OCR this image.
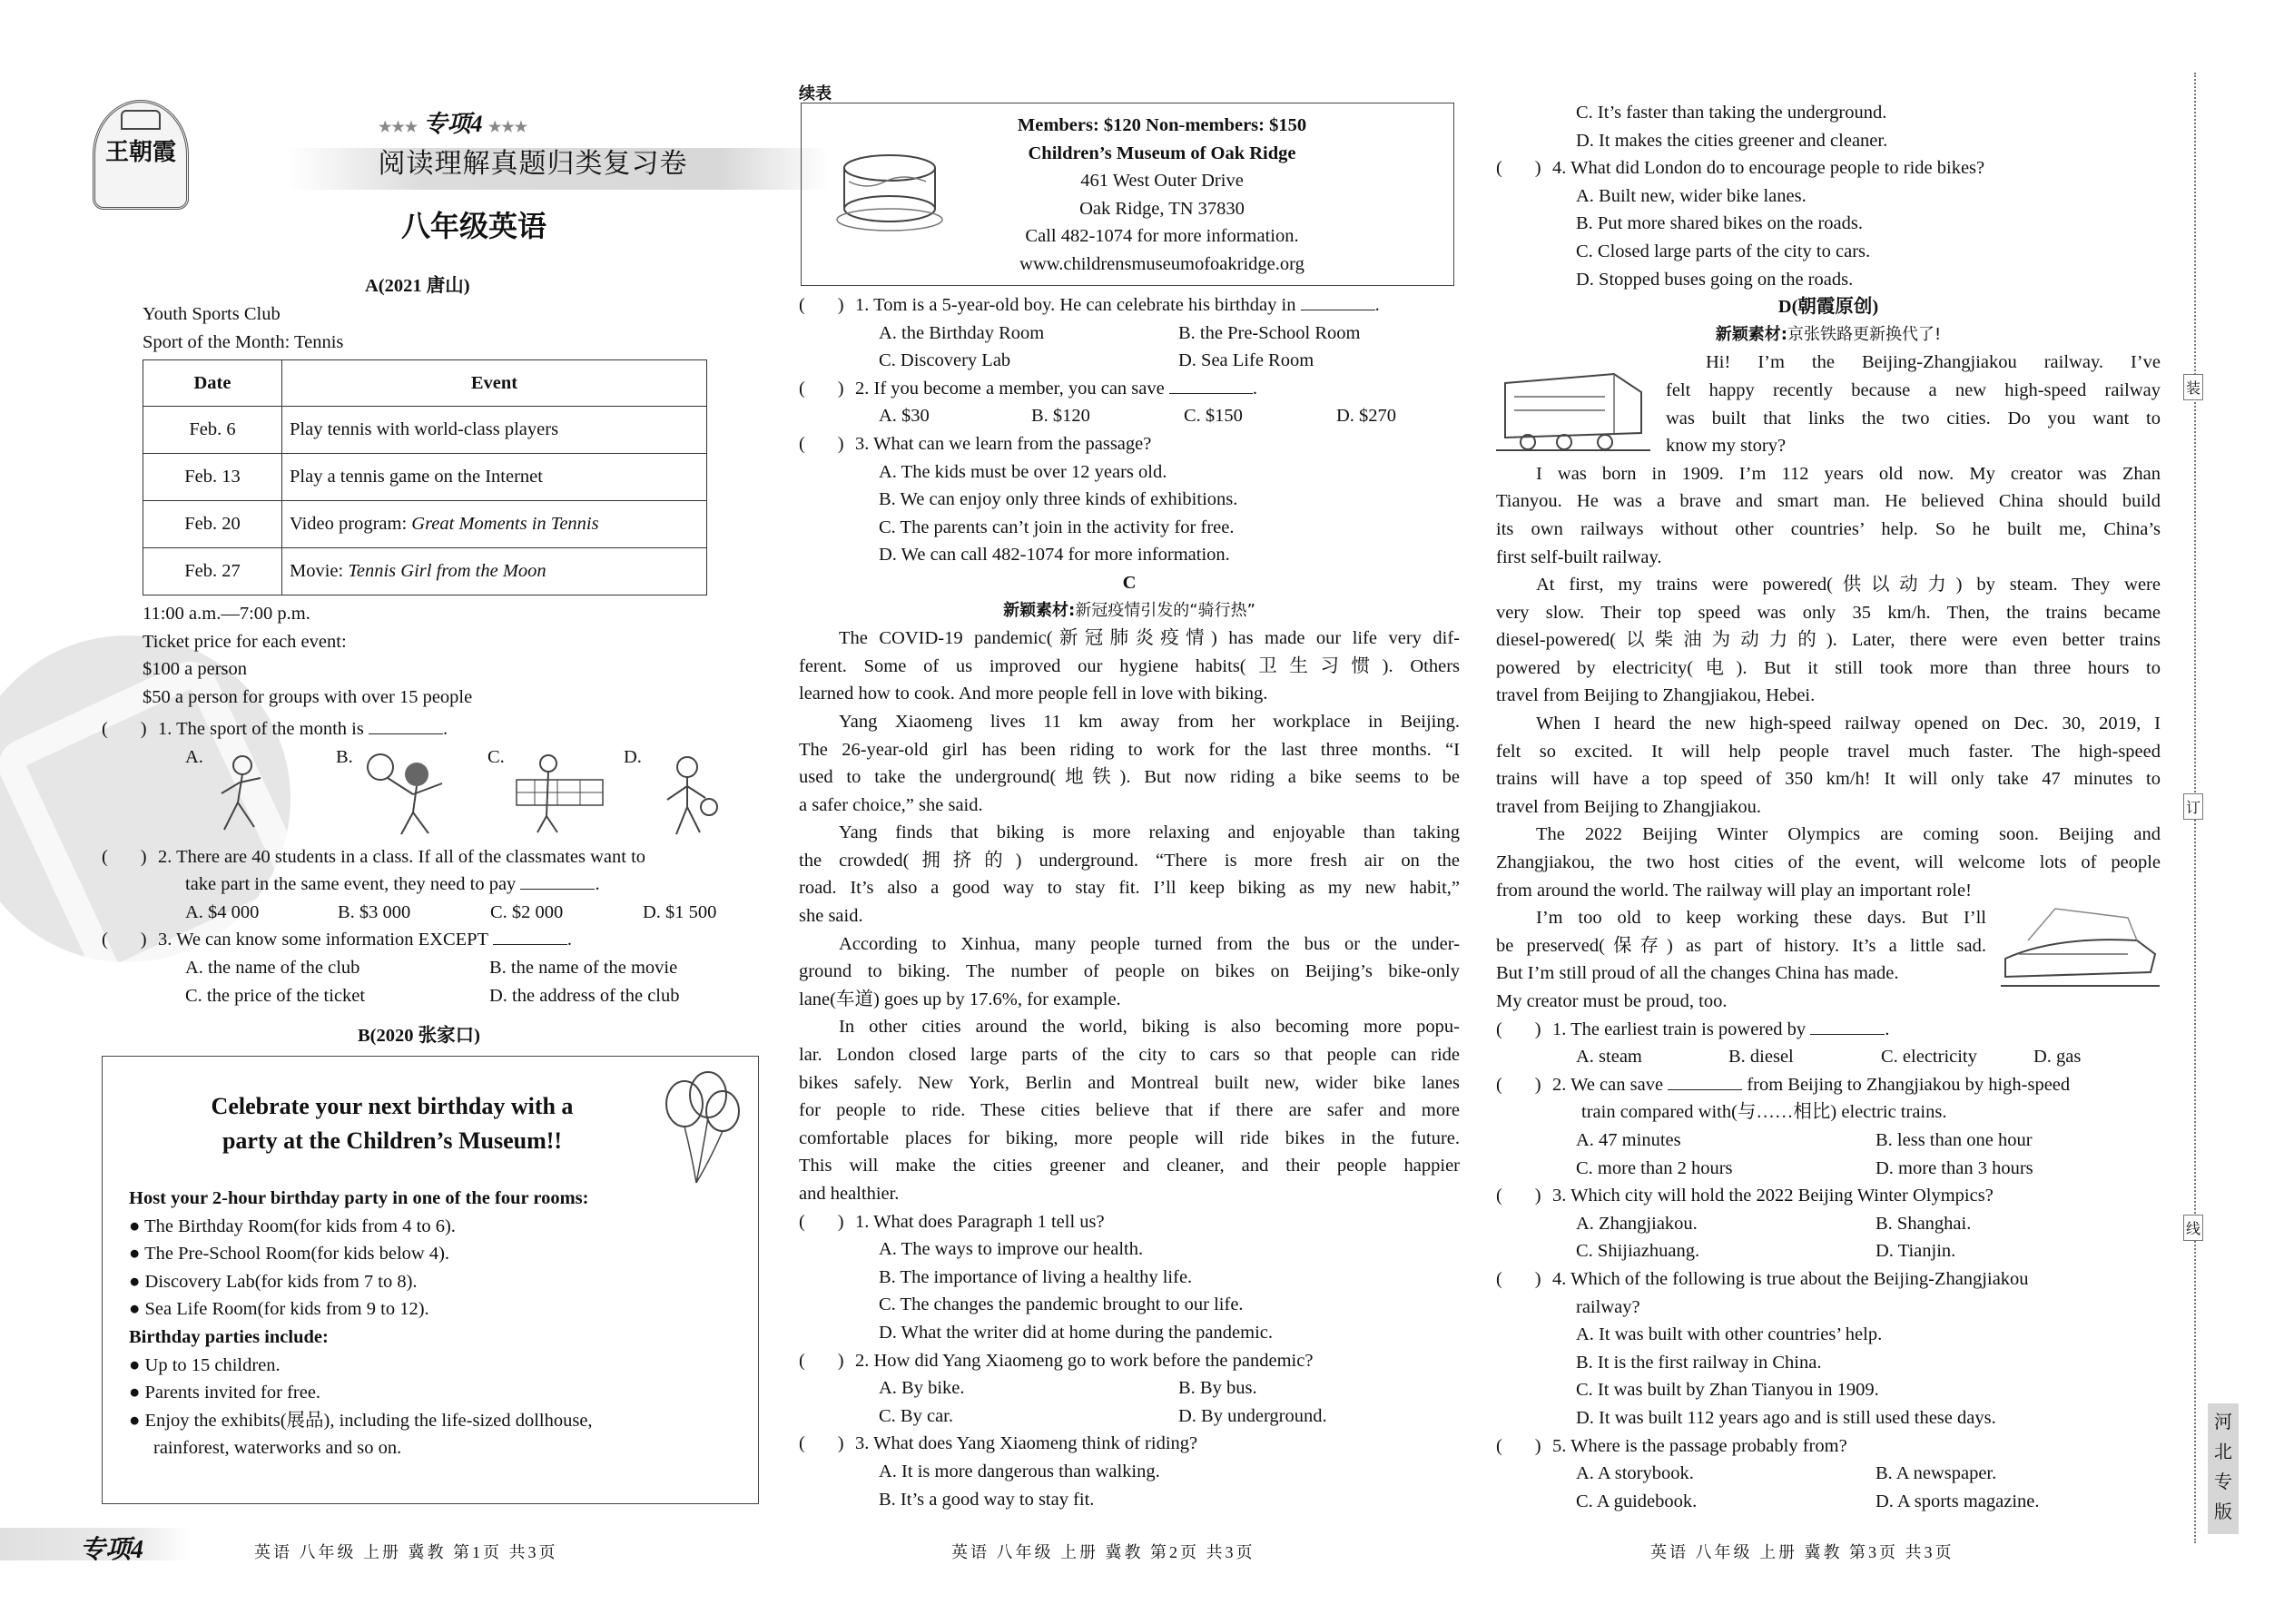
王朝霞
★★★ 专项4 ★★★
阅读理解真题归类复习卷
八年级英语
A(2021 唐山)
Youth Sports Club
Sport of the Month: Tennis
Date	Event
Feb. 6	Play tennis with world-class players
Feb. 13	Play a tennis game on the Internet
Feb. 20	Video program: Great Moments in Tennis
Feb. 27	Movie: Tennis Girl from the Moon
11:00 a.m.—7:00 p.m.
Ticket price for each event:
$100 a person
$50 a person for groups with over 15 people
(       ) 1. The sport of the month is	.
A.	B.	C.	D.
(       ) 2. There are 40 students in a class. If all of the classmates want to
take part in the same event, they need to pay	.
A. $4 000	B. $3 000	C. $2 000	D. $1 500
(       ) 3. We can know some information EXCEPT	.
A. the name of the club	B. the name of the movie
C. the price of the ticket	D. the address of the club
B(2020 张家口)
Celebrate your next birthday with a
party at the Children’s Museum!!
Host your 2-hour birthday party in one of the four rooms:
● The Birthday Room(for kids from 4 to 6).
● The Pre-School Room(for kids below 4).
● Discovery Lab(for kids from 7 to 8).
● Sea Life Room(for kids from 9 to 12).
Birthday parties include:
● Up to 15 children.
● Parents invited for free.
● Enjoy the exhibits(展品), including the life-sized dollhouse,
rainforest, waterworks and so on.
续表
Members: $120 Non-members: $150
Children’s Museum of Oak Ridge
461 West Outer Drive
Oak Ridge, TN 37830
Call 482-1074 for more information.
www.childrensmuseumofoakridge.org
(       ) 1. Tom is a 5-year-old boy. He can celebrate his birthday in	.
A. the Birthday Room	B. the Pre-School Room
C. Discovery Lab	D. Sea Life Room
(       ) 2. If you become a member, you can save	.
A. $30	B. $120	C. $150	D. $270
(       ) 3. What can we learn from the passage?
A. The kids must be over 12 years old.
B. We can enjoy only three kinds of exhibitions.
C. The parents can’t join in the activity for free.
D. We can call 482-1074 for more information.
C
新颖素材:新冠疫情引发的“骑行热”
The COVID-19 pandemic(新冠肺炎疫情) has made our life very dif-
ferent. Some of us improved our hygiene habits(卫生习惯). Others
learned how to cook. And more people fell in love with biking.
Yang Xiaomeng lives 11 km away from her workplace in Beijing.
The 26-year-old girl has been riding to work for the last three months. “I
used to take the underground(地铁). But now riding a bike seems to be
a safer choice,” she said.
Yang finds that biking is more relaxing and enjoyable than taking
the crowded(拥挤的) underground. “There is more fresh air on the
road. It’s also a good way to stay fit. I’ll keep biking as my new habit,”
she said.
According to Xinhua, many people turned from the bus or the under-
ground to biking. The number of people on bikes on Beijing’s bike-only
lane(车道) goes up by 17.6%, for example.
In other cities around the world, biking is also becoming more popu-
lar. London closed large parts of the city to cars so that people can ride
bikes safely. New York, Berlin and Montreal built new, wider bike lanes
for people to ride. These cities believe that if there are safer and more
comfortable places for biking, more people will ride bikes in the future.
This will make the cities greener and cleaner, and their people happier
and healthier.
(       ) 1. What does Paragraph 1 tell us?
A. The ways to improve our health.
B. The importance of living a healthy life.
C. The changes the pandemic brought to our life.
D. What the writer did at home during the pandemic.
(       ) 2. How did Yang Xiaomeng go to work before the pandemic?
A. By bike.	B. By bus.
C. By car.	D. By underground.
(       ) 3. What does Yang Xiaomeng think of riding?
A. It is more dangerous than walking.
B. It’s a good way to stay fit.
C. It’s faster than taking the underground.
D. It makes the cities greener and cleaner.
(       ) 4. What did London do to encourage people to ride bikes?
A. Built new, wider bike lanes.
B. Put more shared bikes on the roads.
C. Closed large parts of the city to cars.
D. Stopped buses going on the roads.
D(朝霞原创)
新颖素材:京张铁路更新换代了!
Hi! I’m the Beijing-Zhangjiakou railway. I’ve
felt happy recently because a new high-speed railway
was built that links the two cities. Do you want to
know my story?
I was born in 1909. I’m 112 years old now. My creator was Zhan
Tianyou. He was a brave and smart man. He believed China should build
its own railways without other countries’ help. So he built me, China’s
first self-built railway.
At first, my trains were powered(供以动力) by steam. They were
very slow. Their top speed was only 35 km/h. Then, the trains became
diesel-powered(以柴油为动力的). Later, there were even better trains
powered by electricity(电). But it still took more than three hours to
travel from Beijing to Zhangjiakou, Hebei.
When I heard the new high-speed railway opened on Dec. 30, 2019, I
felt so excited. It will help people travel much faster. The high-speed
trains will have a top speed of 350 km/h! It will only take 47 minutes to
travel from Beijing to Zhangjiakou.
The 2022 Beijing Winter Olympics are coming soon. Beijing and
Zhangjiakou, the two host cities of the event, will welcome lots of people
from around the world. The railway will play an important role!
I’m too old to keep working these days. But I’ll
be preserved(保存) as part of history. It’s a little sad.
But I’m still proud of all the changes China has made.
My creator must be proud, too.
(       ) 1. The earliest train is powered by	.
A. steam	B. diesel	C. electricity	D. gas
(       ) 2. We can save	from Beijing to Zhangjiakou by high-speed
train compared with(与……相比) electric trains.
A. 47 minutes	B. less than one hour
C. more than 2 hours	D. more than 3 hours
(       ) 3. Which city will hold the 2022 Beijing Winter Olympics?
A. Zhangjiakou.	B. Shanghai.
C. Shijiazhuang.	D. Tianjin.
(       ) 4. Which of the following is true about the Beijing-Zhangjiakou
railway?
A. It was built with other countries’ help.
B. It is the first railway in China.
C. It was built by Zhan Tianyou in 1909.
D. It was built 112 years ago and is still used these days.
(       ) 5. Where is the passage probably from?
A. A storybook.	B. A newspaper.
C. A guidebook.	D. A sports magazine.
装
订
线
河
北
专
版
专项4	英语 八年级 上册 冀教 第1页 共3页	英语 八年级 上册 冀教 第2页 共3页	英语 八年级 上册 冀教 第3页 共3页
